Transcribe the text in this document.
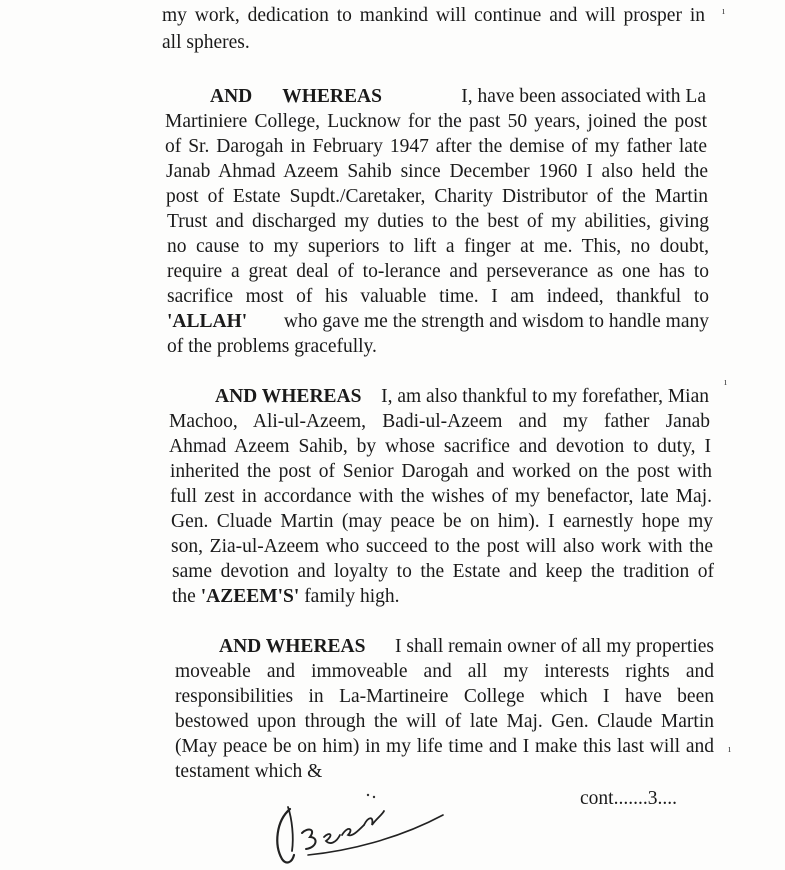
my work, dedication to mankind will continue and will prosper in

all spheres.

AND WHEREAS	I, have been associated with La

Martiniere College, Lucknow for the past 50 years, joined the post

of Sr. Darogah in February 1947 after the demise of my father late

Janab Ahmad Azeem Sahib since December 1960 I also held the

post of Estate Supdt./Caretaker, Charity Distributor of the Martin

Trust and discharged my duties to the best of my abilities, giving

no cause to my superiors to lift a finger at me. This, no doubt,

require a great deal of to-lerance and perseverance as one has to

sacrifice most of his valuable time. I am indeed, thankful to

'ALLAH' who gave me the strength and wisdom to handle many

of the problems gracefully.

AND WHEREAS I, am also thankful to my forefather, Mian

Machoo, Ali-ul-Azeem, Badi-ul-Azeem and my father Janab

Ahmad Azeem Sahib, by whose sacrifice and devotion to duty, I

inherited the post of Senior Darogah and worked on the post with

full zest in accordance with the wishes of my benefactor, late Maj.

Gen. Cluade Martin (may peace be on him). I earnestly hope my

son, Zia-ul-Azeem who succeed to the post will also work with the

same devotion and loyalty to the Estate and keep the tradition of

the 'AZEEM'S' family high.

AND WHEREAS I shall remain owner of all my properties

moveable and immoveable and all my interests rights and

responsibilities in La-Martineire College which I have been

bestowed upon through the will of late Maj. Gen. Claude Martin

(May peace be on him) in my life time and I make this last will and

testament which &

cont.......3....
ı
ı
ı
